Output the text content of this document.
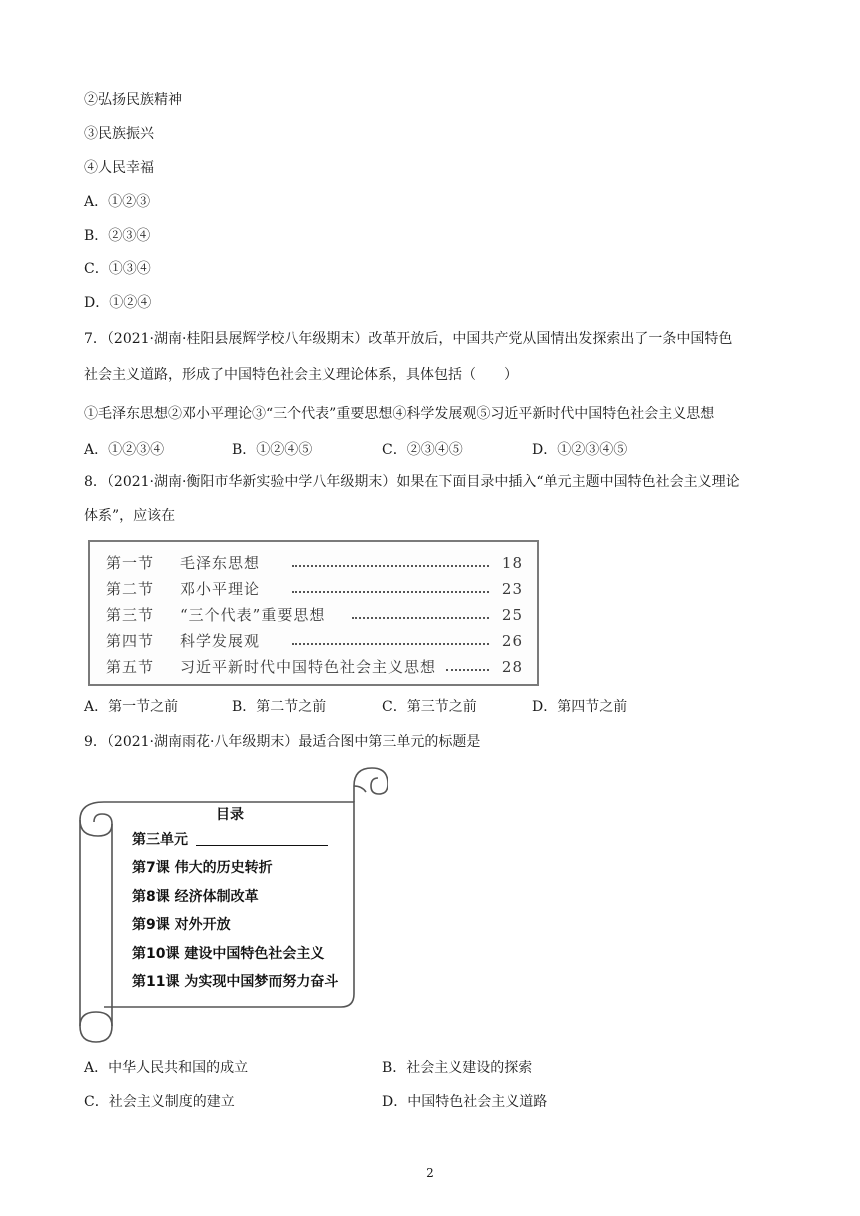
②弘扬民族精神
③民族振兴
④人民幸福
A．①②③
B．②③④
C．①③④
D．①②④
7．（2021·湖南·桂阳县展辉学校八年级期末）改革开放后，中国共产党从国情出发探索出了一条中国特色
社会主义道路，形成了中国特色社会主义理论体系，具体包括（　　）
①毛泽东思想②邓小平理论③“三个代表”重要思想④科学发展观⑤习近平新时代中国特色社会主义思想
A．①②③④	B．①②④⑤	C．②③④⑤	D．①②③④⑤
8．（2021·湖南·衡阳市华新实验中学八年级期末）如果在下面目录中插入“单元主题中国特色社会主义理论
体系”，应该在
第一节 毛泽东思想	18
第二节 邓小平理论	23
第三节 “三个代表”重要思想	25
第四节 科学发展观	26
第五节 习近平新时代中国特色社会主义思想	28
A．第一节之前	B．第二节之前	C．第三节之前	D．第四节之前
9．（2021·湖南雨花·八年级期末）最适合图中第三单元的标题是
目录
第三单元
第7课 伟大的历史转折
第8课 经济体制改革
第9课 对外开放
第10课 建设中国特色社会主义
第11课 为实现中国梦而努力奋斗
A．中华人民共和国的成立	B．社会主义建设的探索
C．社会主义制度的建立	D．中国特色社会主义道路
2
